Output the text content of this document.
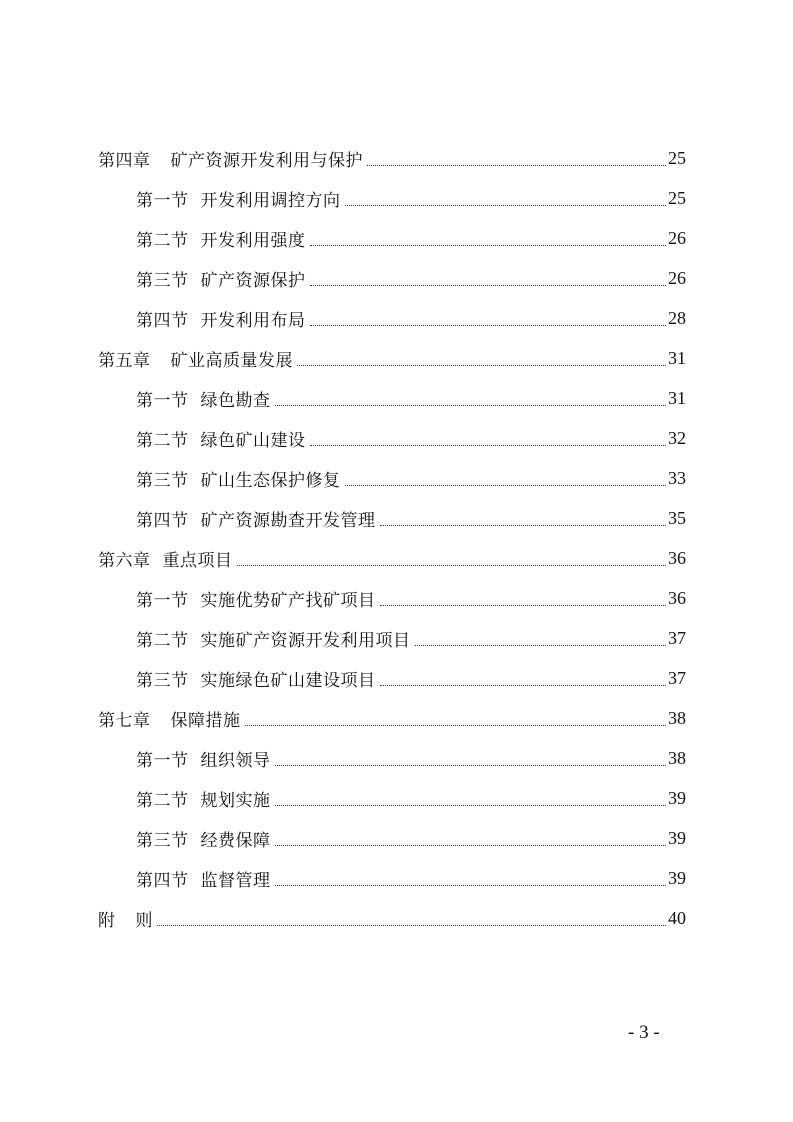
第四章 矿产资源开发利用与保护	25
第一节 开发利用调控方向	25
第二节 开发利用强度	26
第三节 矿产资源保护	26
第四节 开发利用布局	28
第五章 矿业高质量发展	31
第一节 绿色勘查	31
第二节 绿色矿山建设	32
第三节 矿山生态保护修复	33
第四节 矿产资源勘查开发管理	35
第六章 重点项目	36
第一节 实施优势矿产找矿项目	36
第二节 实施矿产资源开发利用项目	37
第三节 实施绿色矿山建设项目	37
第七章 保障措施	38
第一节 组织领导	38
第二节 规划实施	39
第三节 经费保障	39
第四节 监督管理	39
附 则	40
- 3 -
